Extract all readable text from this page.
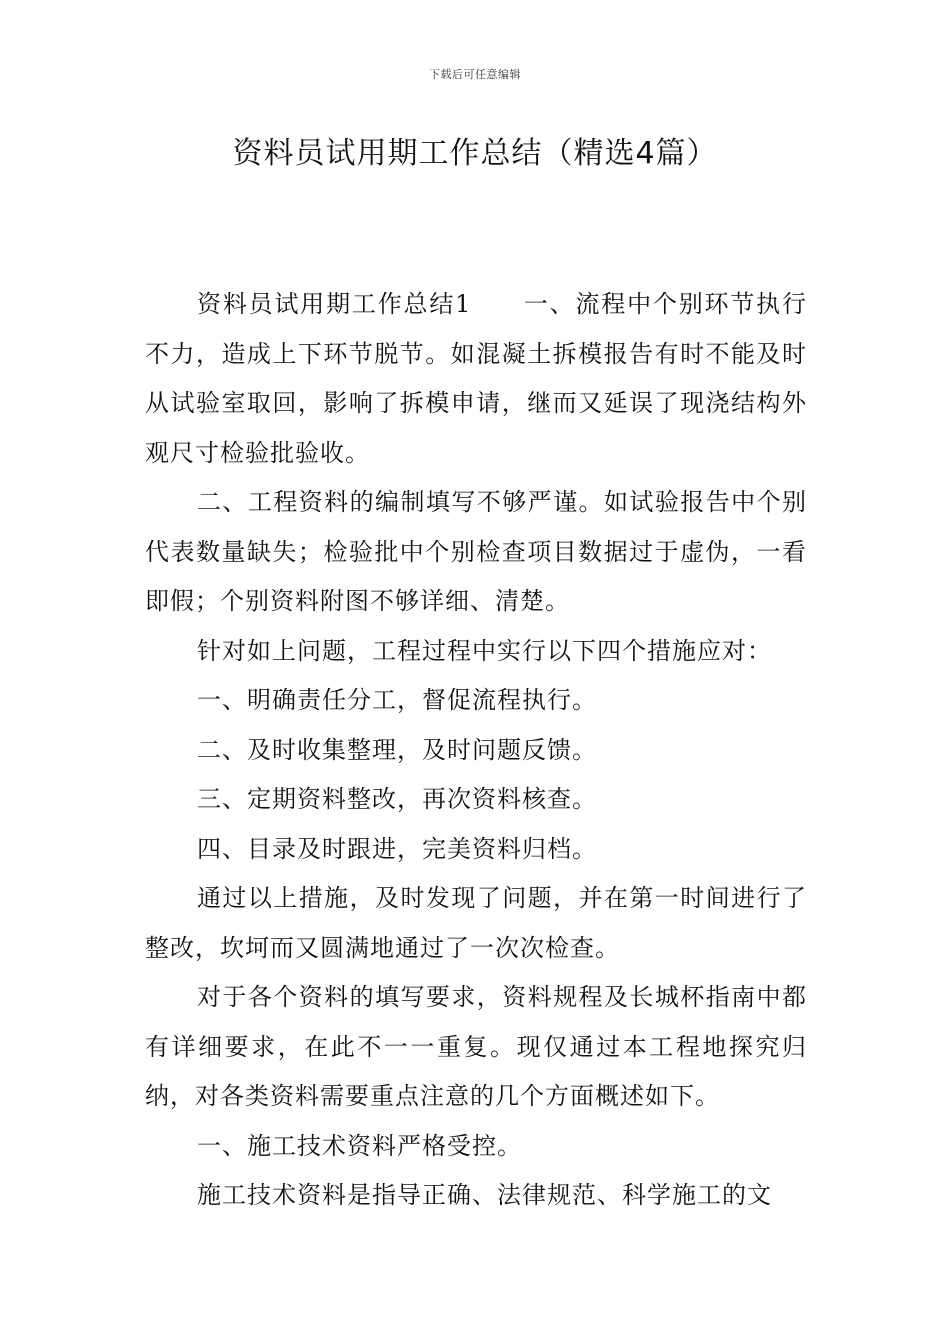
下载后可任意编辑
资料员试用期工作总结（精选4篇）

资料员试用期工作总结1　　一、流程中个别环节执行不力，造成上下环节脱节。如混凝土拆模报告有时不能及时从试验室取回，影响了拆模申请，继而又延误了现浇结构外观尺寸检验批验收。

二、工程资料的编制填写不够严谨。如试验报告中个别代表数量缺失；检验批中个别检查项目数据过于虚伪，一看即假；个别资料附图不够详细、清楚。

针对如上问题，工程过程中实行以下四个措施应对：

一、明确责任分工，督促流程执行。

二、及时收集整理，及时问题反馈。

三、定期资料整改，再次资料核查。

四、目录及时跟进，完美资料归档。

通过以上措施，及时发现了问题，并在第一时间进行了整改，坎坷而又圆满地通过了一次次检查。

对于各个资料的填写要求，资料规程及长城杯指南中都有详细要求，在此不一一重复。现仅通过本工程地探究归纳，对各类资料需要重点注意的几个方面概述如下。

一、施工技术资料严格受控。

施工技术资料是指导正确、法律规范、科学施工的文
